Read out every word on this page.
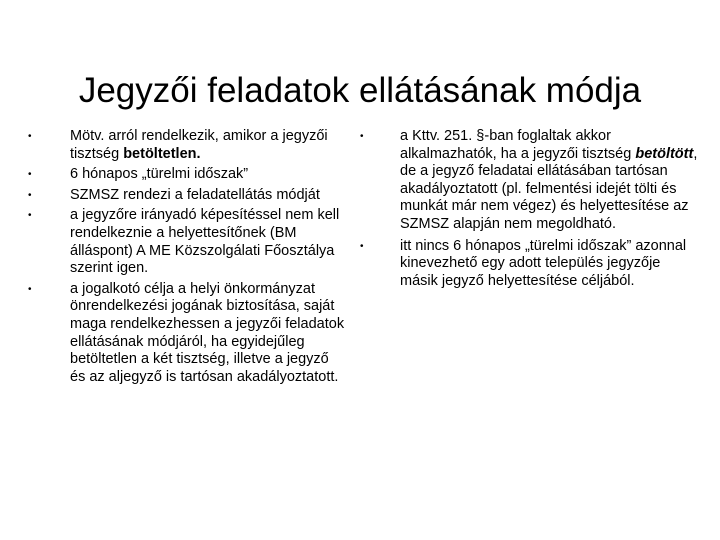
Jegyzői feladatok ellátásának módja
•	Mötv. arról rendelkezik, amikor a jegyzői tisztség betöltetlen.
•	6 hónapos „türelmi időszak”
•	SZMSZ rendezi a feladatellátás módját
•	a jegyzőre irányadó képesítéssel nem kell rendelkeznie a helyettesítőnek (BM álláspont) A ME Közszolgálati Főosztálya szerint igen.
•	a jogalkotó célja a helyi önkormányzat önrendelkezési jogának biztosítása, saját maga rendelkezhessen a jegyzői feladatok ellátásának módjáról, ha egyidejűleg betöltetlen a két tisztség, illetve a jegyző és az aljegyző is tartósan akadályoztatott.
•	a Kttv. 251. §-ban foglaltak akkor alkalmazhatók, ha a jegyzői tisztség betöltött, de a jegyző feladatai ellátásában tartósan akadályoztatott (pl. felmentési idejét tölti és munkát már nem végez) és helyettesítése az SZMSZ alapján nem megoldható.
•	itt nincs 6 hónapos „türelmi időszak” azonnal kinevezhető egy adott település jegyzője másik jegyző helyettesítése céljából.
